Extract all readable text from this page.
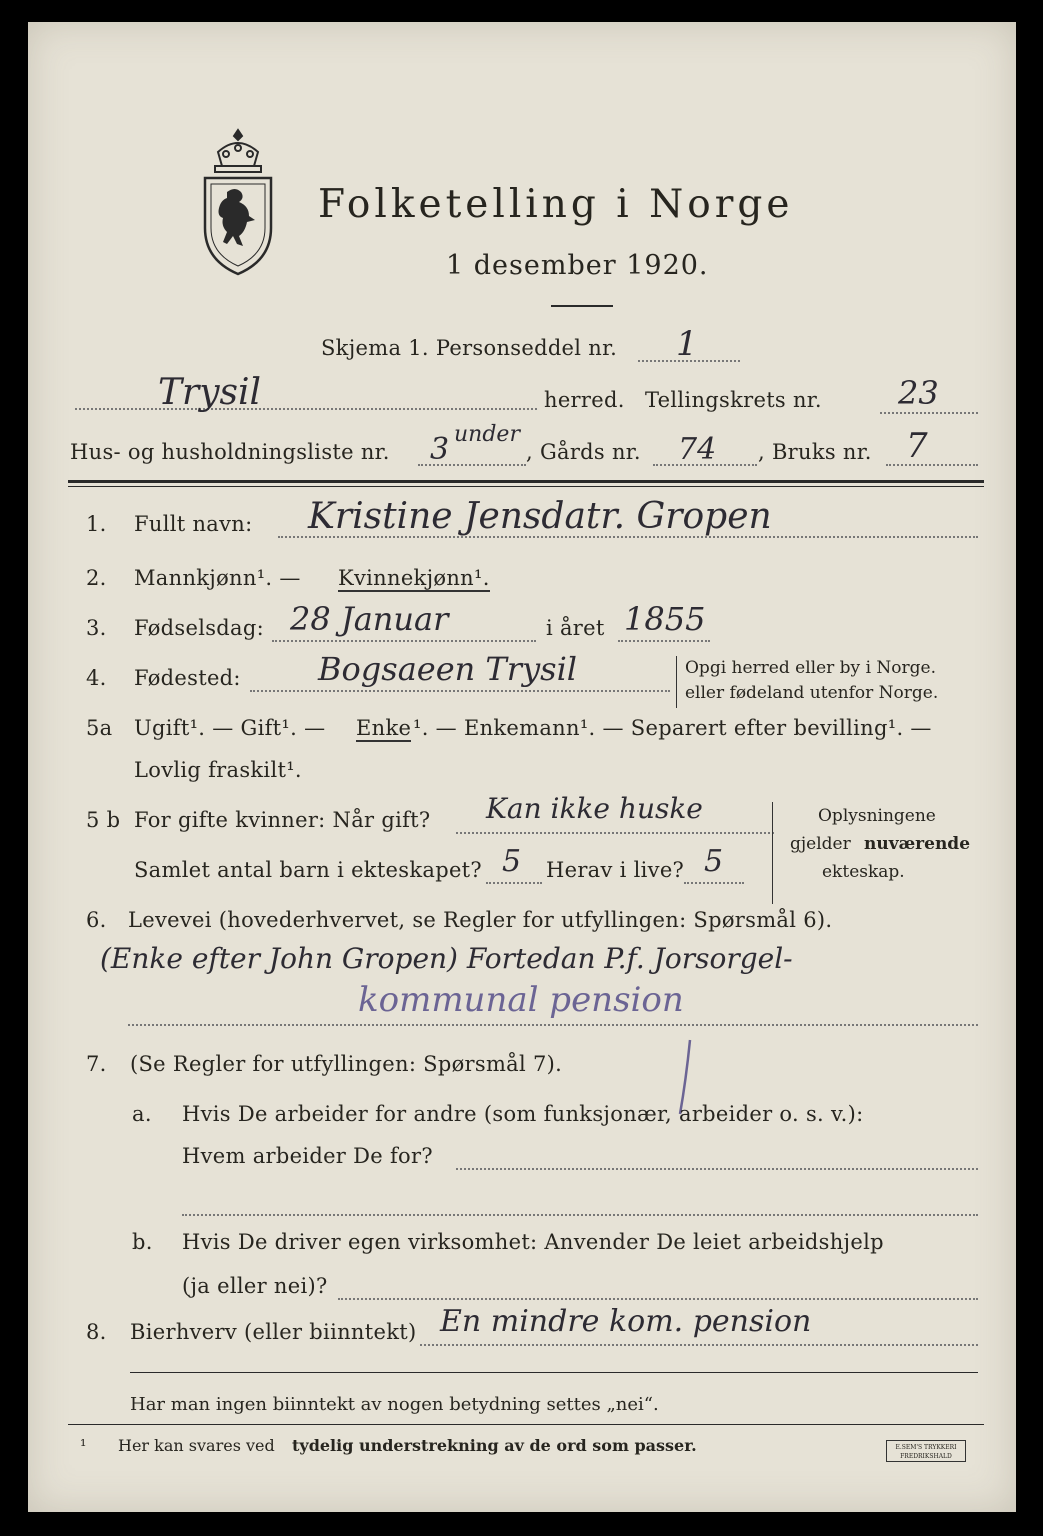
Folketelling i Norge
1 desember 1920.
Skjema 1. Personseddel nr. 1
Trysil	herred. Tellingskrets nr. 23
Hus- og husholdningsliste nr. 3 under
, Gårds nr. 74 , Bruks nr. 7
1. Fullt navn: Kristine Jensdatr. Gropen
2. Mannkjønn¹. — Kvinnekjønn¹.
3. Fødselsdag: 28 Januar	i året 1855
4. Fødested: Bogsaeen Trysil	Opgi herred eller by i Norge.
eller fødeland utenfor Norge.
5a Ugift¹. — Gift¹. — Enke ¹. — Enkemann¹. — Separert efter bevilling¹. —
Lovlig fraskilt¹.
5 b For gifte kvinner: Når gift? Kan ikke huske
Samlet antal barn i ekteskapet? 5 Herav i live? 5
Oplysningene
gjelder nuværende
ekteskap.
6. Levevei (hovederhvervet, se Regler for utfyllingen: Spørsmål 6).
(Enke efter John Gropen) Fortedan P.f. Jorsorgel-
kommunal pension
7. (Se Regler for utfyllingen: Spørsmål 7).
a. Hvis De arbeider for andre (som funksjonær, arbeider o. s. v.):
Hvem arbeider De for?
b. Hvis De driver egen virksomhet: Anvender De leiet arbeidshjelp
(ja eller nei)?
8. Bierhverv (eller biinntekt) En mindre kom. pension
Har man ingen biinntekt av nogen betydning settes „nei“.
¹ Her kan svares ved tydelig understrekning av de ord som passer.	E.SEM'S TRYKKERI
FREDRIKSHALD
